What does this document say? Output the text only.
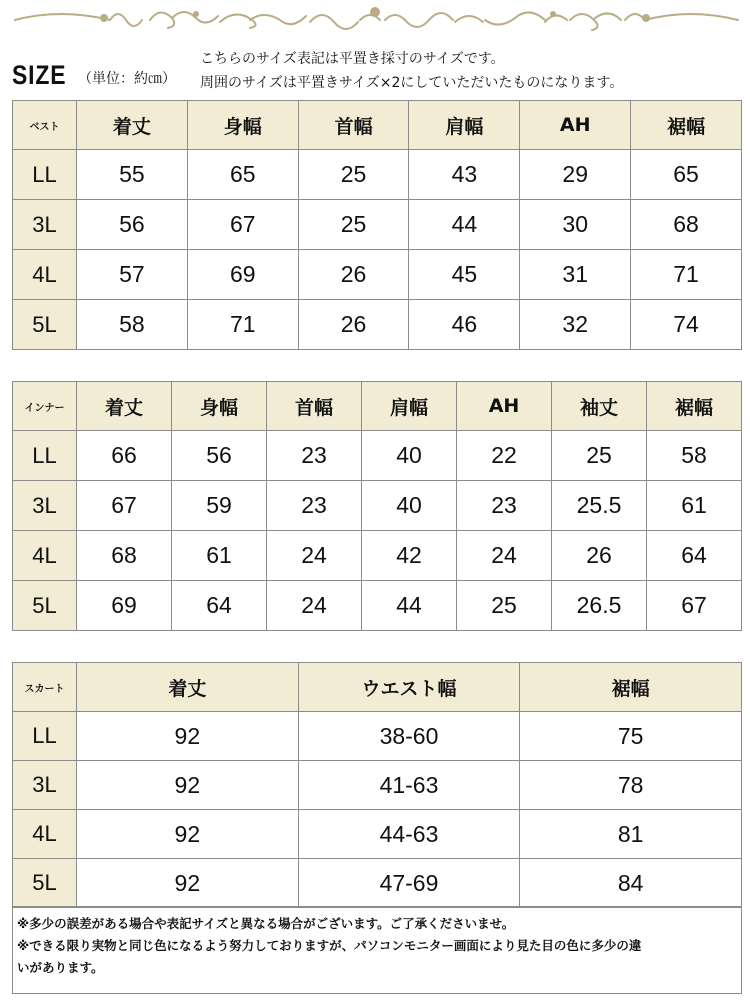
SIZE （単位：約㎝）
こちらのサイズ表記は平置き採寸のサイズです。
周囲のサイズは平置きサイズ×2にしていただいたものになります。
ベスト	着丈	身幅	首幅	肩幅	AH	裾幅
LL	55	65	25	43	29	65
3L	56	67	25	44	30	68
4L	57	69	26	45	31	71
5L	58	71	26	46	32	74
インナー	着丈	身幅	首幅	肩幅	AH	袖丈	裾幅
LL	66	56	23	40	22	25	58
3L	67	59	23	40	23	25.5	61
4L	68	61	24	42	24	26	64
5L	69	64	24	44	25	26.5	67
スカート	着丈	ウエスト幅	裾幅
LL	92	38-60	75
3L	92	41-63	78
4L	92	44-63	81
5L	92	47-69	84
※多少の誤差がある場合や表記サイズと異なる場合がございます。ご了承くださいませ。
※できる限り実物と同じ色になるよう努力しておりますが、パソコンモニター画面により見た目の色に多少の違
いがあります。
